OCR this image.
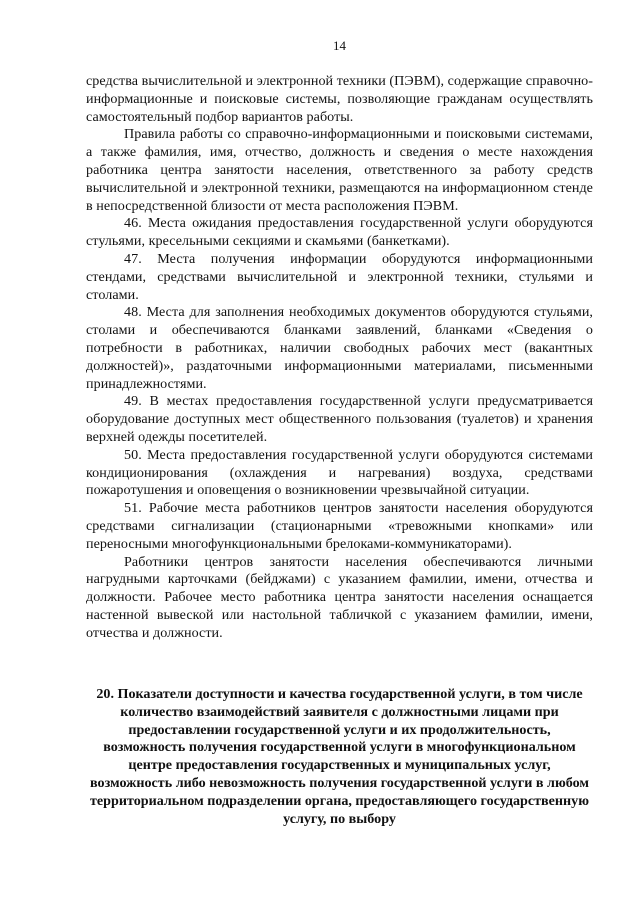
14

средства вычислительной и электронной техники (ПЭВМ), содержащие справочно-информационные и поисковые системы, позволяющие гражданам осуществлять самостоятельный подбор вариантов работы.

Правила работы со справочно-информационными и поисковыми системами, а также фамилия, имя, отчество, должность и сведения о месте нахождения работника центра занятости населения, ответственного за работу средств вычислительной и электронной техники, размещаются на информационном стенде в непосредственной близости от места расположения ПЭВМ.

46. Места ожидания предоставления государственной услуги оборудуются стульями, кресельными секциями и скамьями (банкетками).

47. Места получения информации оборудуются информационными стендами, средствами вычислительной и электронной техники, стульями и столами.

48. Места для заполнения необходимых документов оборудуются стульями, столами и обеспечиваются бланками заявлений, бланками «Сведения о потребности в работниках, наличии свободных рабочих мест (вакантных должностей)», раздаточными информационными материалами, письменными принадлежностями.

49. В местах предоставления государственной услуги предусматривается оборудование доступных мест общественного пользования (туалетов) и хранения верхней одежды посетителей.

50. Места предоставления государственной услуги оборудуются системами кондиционирования (охлаждения и нагревания) воздуха, средствами пожаротушения и оповещения о возникновении чрезвычайной ситуации.

51. Рабочие места работников центров занятости населения оборудуются средствами сигнализации (стационарными «тревожными кнопками» или переносными многофункциональными брелоками-коммуникаторами).

Работники центров занятости населения обеспечиваются личными нагрудными карточками (бейджами) с указанием фамилии, имени, отчества и должности. Рабочее место работника центра занятости населения оснащается настенной вывеской или настольной табличкой с указанием фамилии, имени, отчества и должности.

20. Показатели доступности и качества государственной услуги, в том числе количество взаимодействий заявителя с должностными лицами при предоставлении государственной услуги и их продолжительность, возможность получения государственной услуги в многофункциональном центре предоставления государственных и муниципальных услуг, возможность либо невозможность получения государственной услуги в любом территориальном подразделении органа, предоставляющего государственную услугу, по выбору
